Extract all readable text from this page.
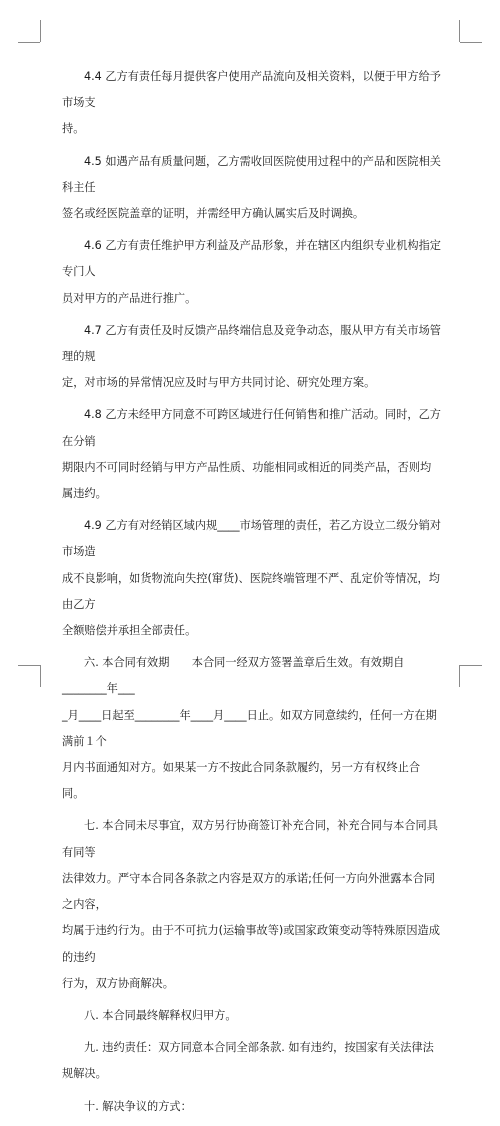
4.4 乙方有责任每月提供客户使用产品流向及相关资料，以便于甲方给予市场支
持。

4.5 如遇产品有质量问题，乙方需收回医院使用过程中的产品和医院相关科主任
签名或经医院盖章的证明，并需经甲方确认属实后及时调换。

4.6 乙方有责任维护甲方利益及产品形象，并在辖区内组织专业机构指定专门人
员对甲方的产品进行推广。

4.7 乙方有责任及时反馈产品终端信息及竞争动态，服从甲方有关市场管理的规
定，对市场的异常情况应及时与甲方共同讨论、研究处理方案。

4.8 乙方未经甲方同意不可跨区域进行任何销售和推广活动。同时，乙方在分销
期限内不可同时经销与甲方产品性质、功能相同或相近的同类产品，否则均属违约。

4.9 乙方有对经销区域内规____市场管理的责任，若乙方设立二级分销对市场造
成不良影响，如货物流向失控(窜货)、医院终端管理不严、乱定价等情况，均由乙方
全额赔偿并承担全部责任。

六. 本合同有效期　　本合同一经双方签署盖章后生效。有效期自________年___
_月____日起至________年____月____日止。如双方同意续约，任何一方在期满前１个
月内书面通知对方。如果某一方不按此合同条款履约，另一方有权终止合同。

七. 本合同未尽事宜，双方另行协商签订补充合同，补充合同与本合同具有同等
法律效力。严守本合同各条款之内容是双方的承诺;任何一方向外泄露本合同之内容，
均属于违约行为。由于不可抗力(运输事故等)或国家政策变动等特殊原因造成的违约
行为，双方协商解决。

八. 本合同最终解释权归甲方。

九. 违约责任：双方同意本合同全部条款. 如有违约，按国家有关法律法规解决。

十. 解决争议的方式：
